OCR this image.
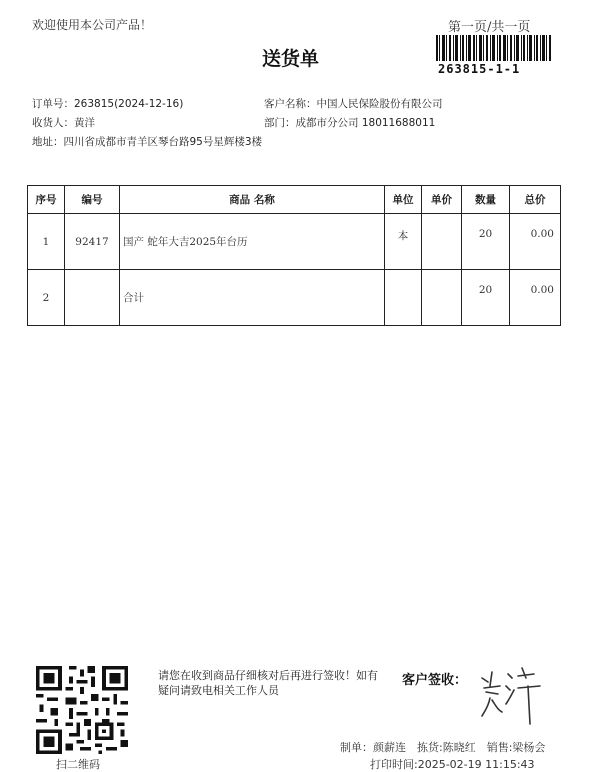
欢迎使用本公司产品！	第一页/共一页
263815-1-1
送货单
订单号：263815(2024-12-16)	客户名称：中国人民保险股份有限公司
收货人：黄洋	部门：成都市分公司 18011688011
地址：四川省成都市青羊区琴台路95号星辉楼3楼
序号	编号	商品 名称	单位	单价	数量	总价
1	92417	国产 蛇年大吉2025年台历	本		20	0.00
2		合计			20	0.00
扫二维码
请您在收到商品仔细核对后再进行签收！如有疑问请致电相关工作人员
客户签收：
制单：颜薪连　拣货:陈晓红　销售:梁杨会
打印时间:2025-02-19 11:15:43
